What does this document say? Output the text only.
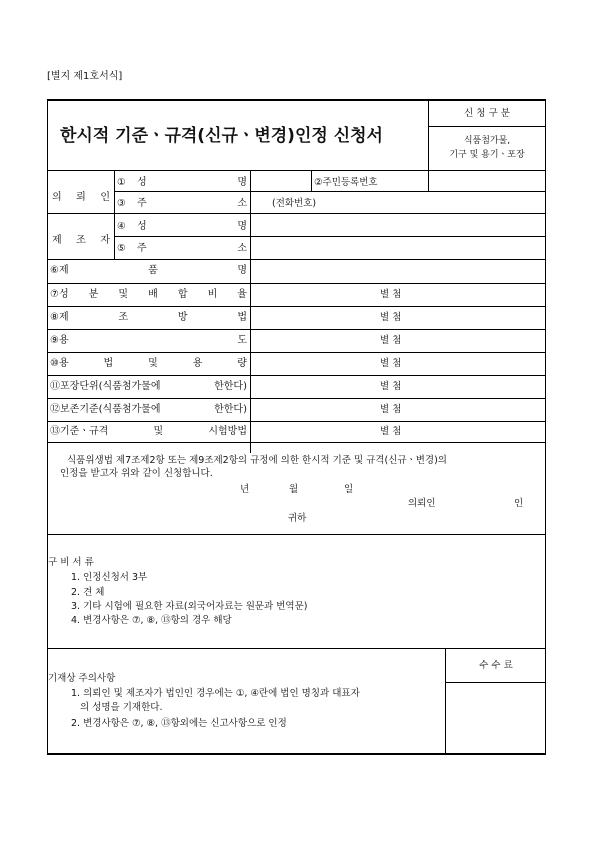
[별지 제1호서식]
한시적 기준ㆍ규격(신규ㆍ변경)인정 신청서
신 청 구 분
식품첨가물,
기구 및 용기ㆍ포장
의 뢰 인
① 성	명	②주민등록번호
③ 주	소	(전화번호)
제 조 자
④ 성	명
⑤ 주	소
⑥ 제	품	명
⑦ 성 분 및 배 합 비 율	별 첨
⑧ 제	조	방	법	별 첨
⑨ 용	도	별 첨
⑩ 용	법	및	용	량	별 첨
⑪ 포장단위(식품첨가물에	한한다)	별 첨
⑫ 보존기준(식품첨가물에	한한다)	별 첨
⑬ 기준ㆍ규격	및	시험방법	별 첨
식품위생법 제7조제2항 또는 제9조제2항의 규정에 의한 한시적 기준 및 규격(신규ㆍ변경)의
인정을 받고자 위와 같이 신청합니다.
년	월	일
의뢰인	인
귀하
구 비 서 류
1. 인정신청서 3부
2. 견 체
3. 기타 시험에 필요한 자료(외국어자료는 원문과 번역문)
4. 변경사항은 ⑦, ⑧, ⑬항의 경우 해당
수 수 료
기재상 주의사항
1. 의뢰인 및 제조자가 법인인 경우에는 ①, ④란에 법인 명칭과 대표자
의 성명을 기재한다.
2. 변경사항은 ⑦, ⑧, ⑬항외에는 신고사항으로 인정
